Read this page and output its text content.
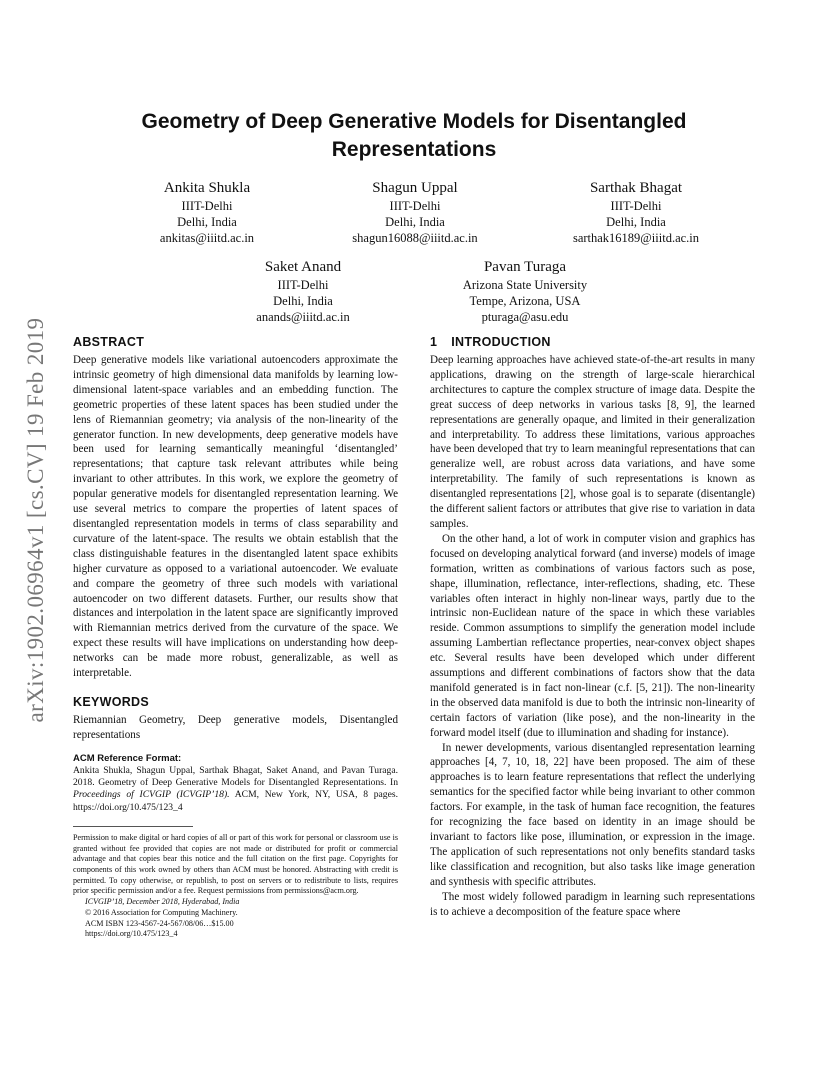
arXiv:1902.06964v1 [cs.CV] 19 Feb 2019
Geometry of Deep Generative Models for Disentangled Representations
Ankita Shukla
IIIT-Delhi
Delhi, India
ankitas@iiitd.ac.in
Shagun Uppal
IIIT-Delhi
Delhi, India
shagun16088@iiitd.ac.in
Sarthak Bhagat
IIIT-Delhi
Delhi, India
sarthak16189@iiitd.ac.in
Saket Anand
IIIT-Delhi
Delhi, India
anands@iiitd.ac.in
Pavan Turaga
Arizona State University
Tempe, Arizona, USA
pturaga@asu.edu
ABSTRACT

Deep generative models like variational autoencoders approximate the intrinsic geometry of high dimensional data manifolds by learning low-dimensional latent-space variables and an embedding function. The geometric properties of these latent spaces has been studied under the lens of Riemannian geometry; via analysis of the non-linearity of the generator function. In new developments, deep generative models have been used for learning semantically meaningful ‘disentangled’ representations; that capture task relevant attributes while being invariant to other attributes. In this work, we explore the geometry of popular generative models for disentangled representation learning. We use several metrics to compare the properties of latent spaces of disentangled representation models in terms of class separability and curvature of the latent-space. The results we obtain establish that the class distinguishable features in the disentangled latent space exhibits higher curvature as opposed to a variational autoencoder. We evaluate and compare the geometry of three such models with variational autoencoder on two different datasets. Further, our results show that distances and interpolation in the latent space are significantly improved with Riemannian metrics derived from the curvature of the space. We expect these results will have implications on understanding how deep-networks can be made more robust, generalizable, as well as interpretable.

KEYWORDS

Riemannian Geometry, Deep generative models, Disentangled representations

ACM Reference Format:

Ankita Shukla, Shagun Uppal, Sarthak Bhagat, Saket Anand, and Pavan Turaga. 2018. Geometry of Deep Generative Models for Disentangled Representations. In Proceedings of ICVGIP (ICVGIP’18). ACM, New York, NY, USA, 8 pages. https://doi.org/10.475/123_4

Permission to make digital or hard copies of all or part of this work for personal or classroom use is granted without fee provided that copies are not made or distributed for profit or commercial advantage and that copies bear this notice and the full citation on the first page. Copyrights for components of this work owned by others than ACM must be honored. Abstracting with credit is permitted. To copy otherwise, or republish, to post on servers or to redistribute to lists, requires prior specific permission and/or a fee. Request permissions from permissions@acm.org.

ICVGIP’18, December 2018, Hyderabad, India

© 2016 Association for Computing Machinery.

ACM ISBN 123-4567-24-567/08/06…$15.00

https://doi.org/10.475/123_4

1 INTRODUCTION

Deep learning approaches have achieved state-of-the-art results in many applications, drawing on the strength of large-scale hierarchical architectures to capture the complex structure of image data. Despite the great success of deep networks in various tasks [8, 9], the learned representations are generally opaque, and limited in their generalization and interpretability. To address these limitations, various approaches have been developed that try to learn meaningful representations that can generalize well, are robust across data variations, and have some interpretability. The family of such representations is known as disentangled representations [2], whose goal is to separate (disentangle) the different salient factors or attributes that give rise to variation in data samples.

On the other hand, a lot of work in computer vision and graphics has focused on developing analytical forward (and inverse) models of image formation, written as combinations of various factors such as pose, shape, illumination, reflectance, inter-reflections, shading, etc. These variables often interact in highly non-linear ways, partly due to the intrinsic non-Euclidean nature of the space in which these variables reside. Common assumptions to simplify the generation model include assuming Lambertian reflectance properties, near-convex object shapes etc. Several results have been developed which under different assumptions and different combinations of factors show that the data manifold generated is in fact non-linear (c.f. [5, 21]). The non-linearity in the observed data manifold is due to both the intrinsic non-linearity of certain factors of variation (like pose), and the non-linearity in the forward model itself (due to illumination and shading for instance).

In newer developments, various disentangled representation learning approaches [4, 7, 10, 18, 22] have been proposed. The aim of these approaches is to learn feature representations that reflect the underlying semantics for the specified factor while being invariant to other common factors. For example, in the task of human face recognition, the features for recognizing the face based on identity in an image should be invariant to factors like pose, illumination, or expression in the image. The application of such representations not only benefits standard tasks like classification and recognition, but also tasks like image generation and synthesis with specific attributes.

The most widely followed paradigm in learning such representations is to achieve a decomposition of the feature space where
